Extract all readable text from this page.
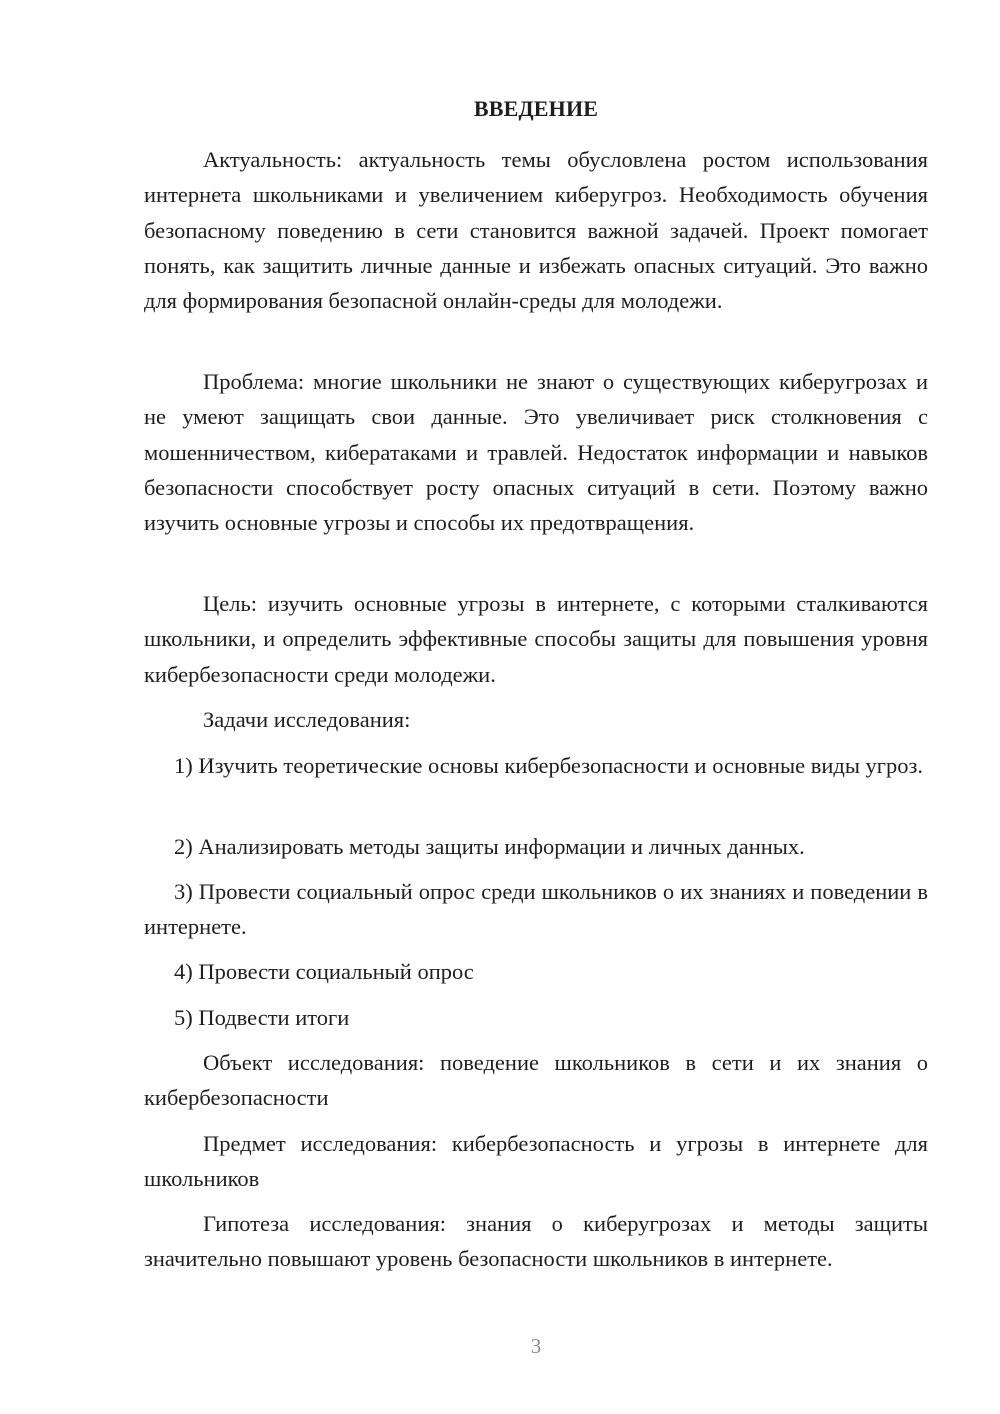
ВВЕДЕНИЕ

Актуальность: актуальность темы обусловлена ростом использования интернета школьниками и увеличением киберугроз. Необходимость обучения безопасному поведению в сети становится важной задачей. Проект помогает понять, как защитить личные данные и избежать опасных ситуаций. Это важно для формирования безопасной онлайн-среды для молодежи.

Проблема: многие школьники не знают о существующих киберугрозах и не умеют защищать свои данные. Это увеличивает риск столкновения с мошенничеством, кибератаками и травлей. Недостаток информации и навыков безопасности способствует росту опасных ситуаций в сети. Поэтому важно изучить основные угрозы и способы их предотвращения.

Цель: изучить основные угрозы в интернете, с которыми сталкиваются школьники, и определить эффективные способы защиты для повышения уровня кибербезопасности среди молодежи.

Задачи исследования:

1) Изучить теоретические основы кибербезопасности и основные виды угроз.

2) Анализировать методы защиты информации и личных данных.

3) Провести социальный опрос среди школьников о их знаниях и поведении в интернете.

4) Провести социальный опрос

5) Подвести итоги

Объект исследования: поведение школьников в сети и их знания о кибербезопасности

Предмет исследования: кибербезопасность и угрозы в интернете для школьников

Гипотеза исследования: знания о киберугрозах и методы защиты значительно повышают уровень безопасности школьников в интернете.

3
